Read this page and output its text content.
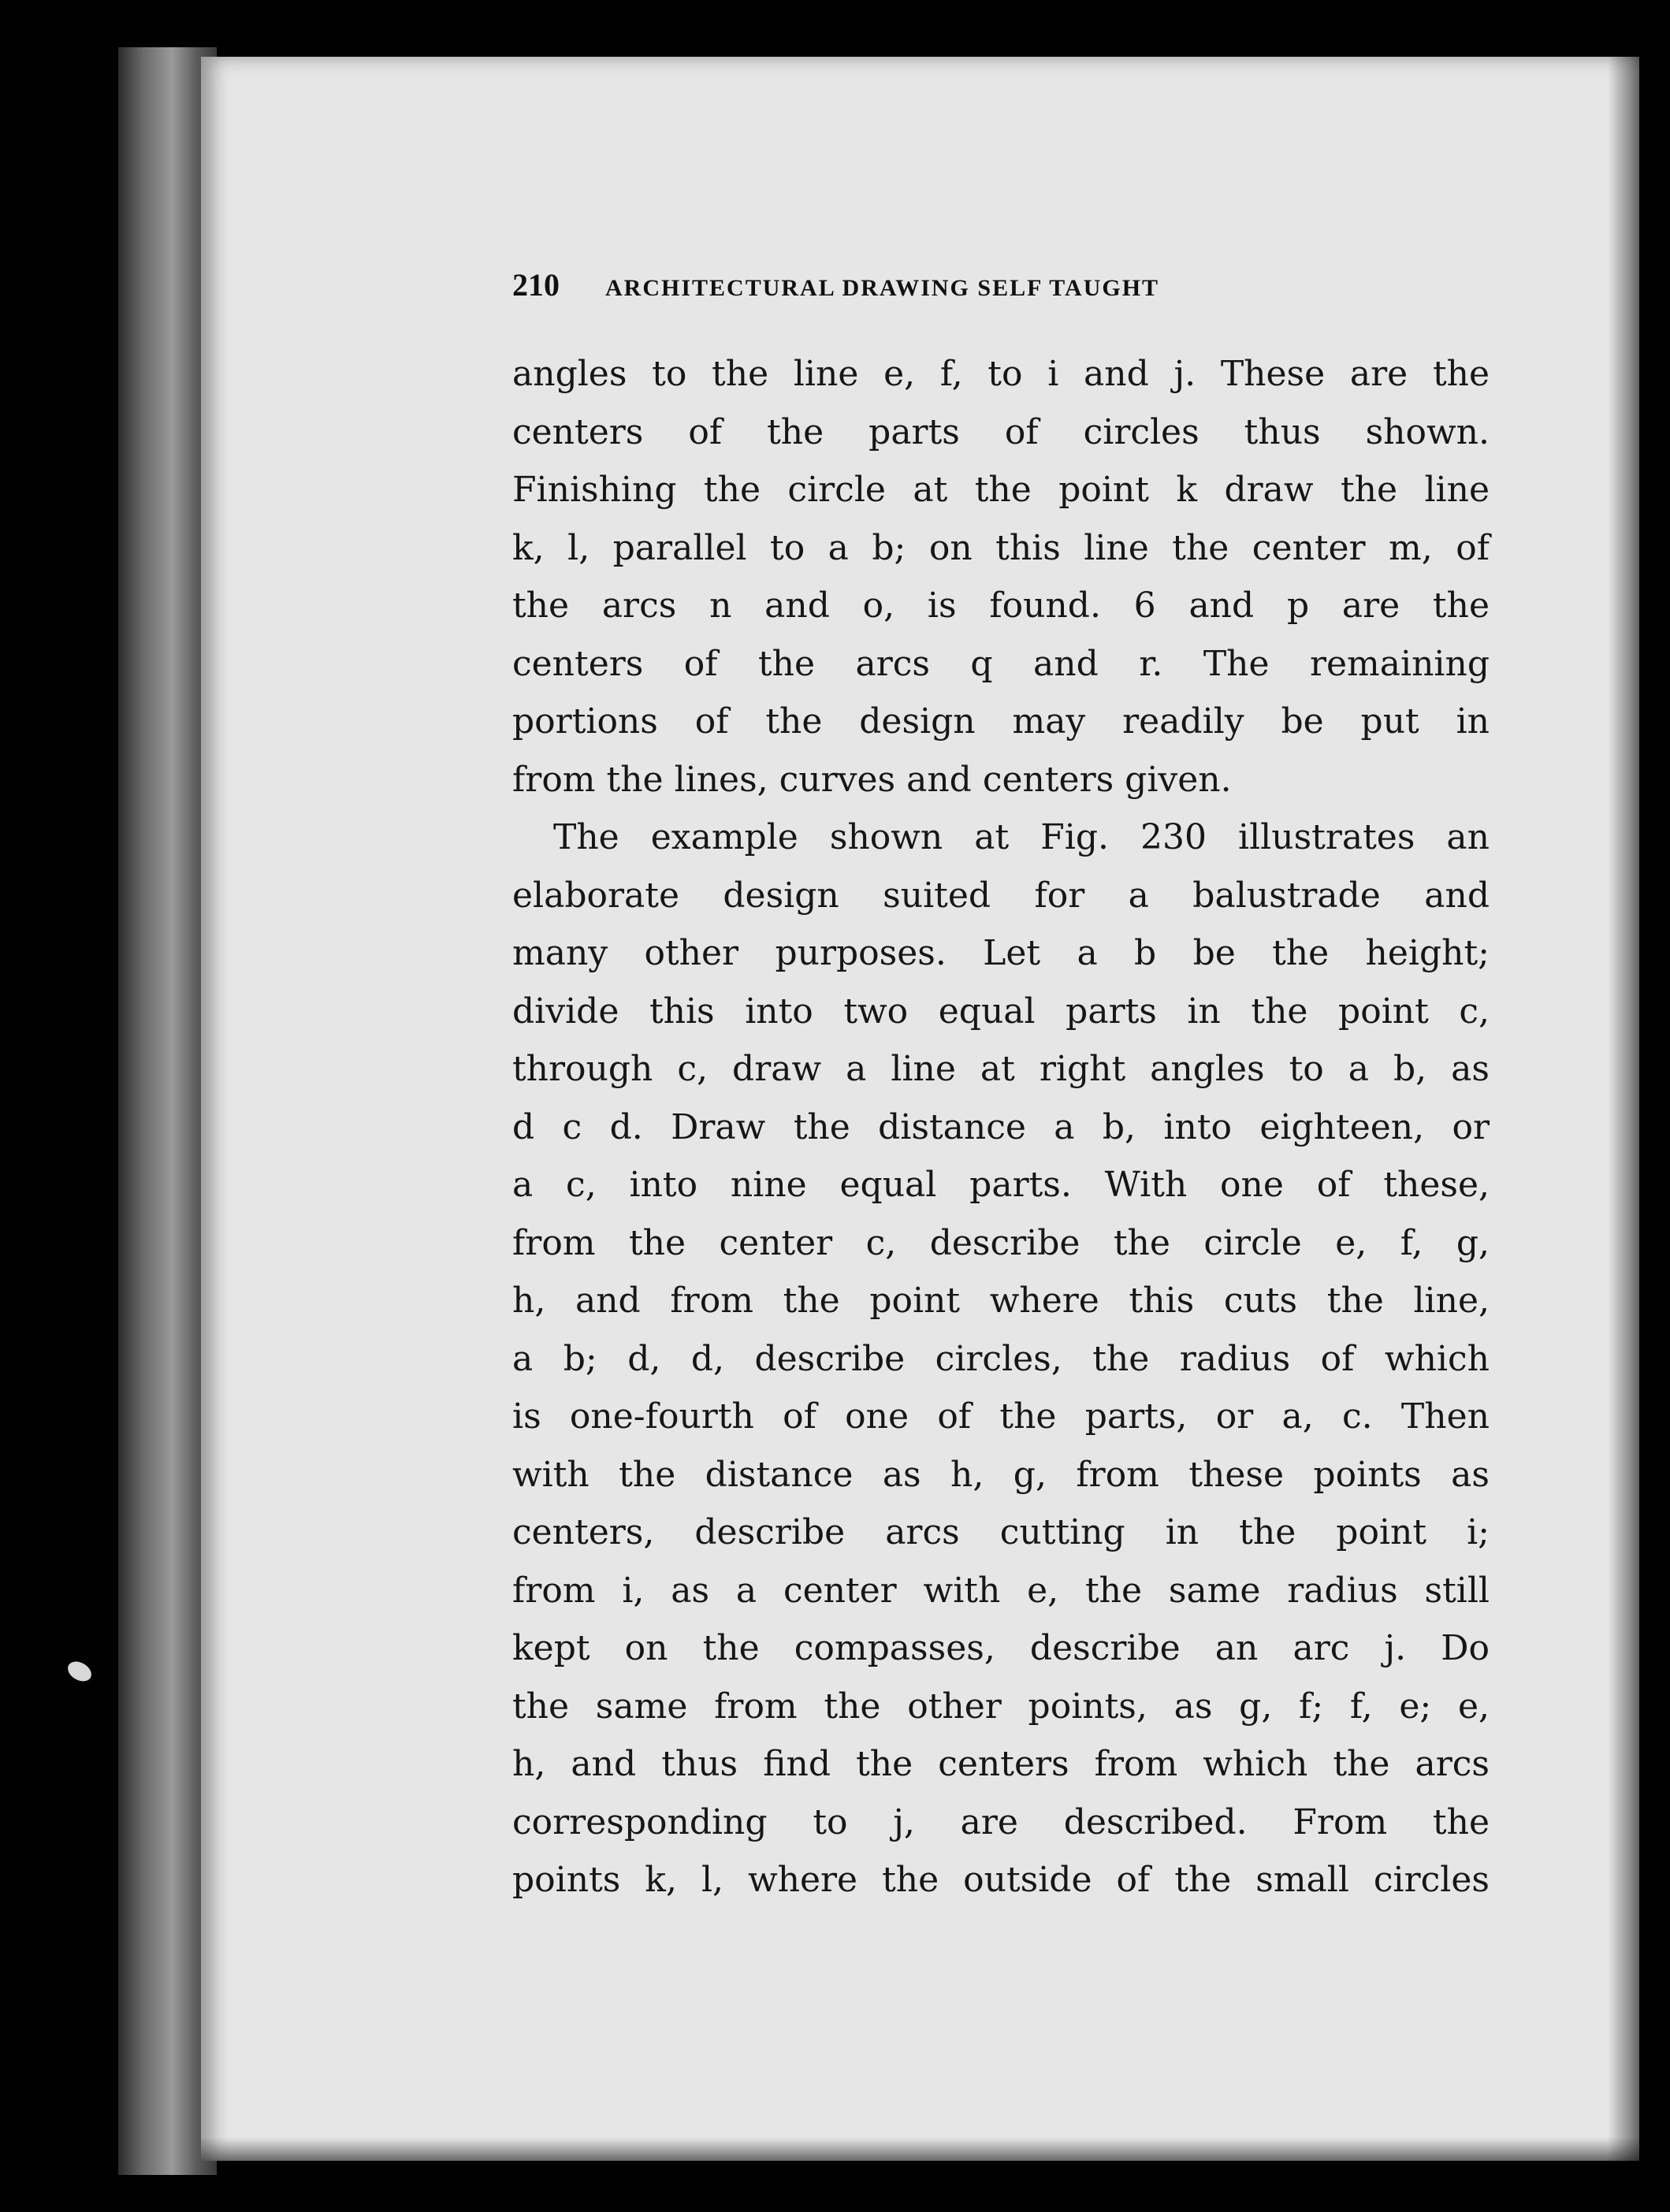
210 ARCHITECTURAL DRAWING SELF TAUGHT
angles to the line e, f, to i and j. These are the
centers of the parts of circles thus shown.
Finishing the circle at the point k draw the line
k, l, parallel to a b; on this line the center m, of
the arcs n and o, is found. 6 and p are the
centers of the arcs q and r. The remaining
portions of the design may readily be put in
from the lines, curves and centers given.
The example shown at Fig. 230 illustrates an
elaborate design suited for a balustrade and
many other purposes. Let a b be the height;
divide this into two equal parts in the point c,
through c, draw a line at right angles to a b, as
d c d. Draw the distance a b, into eighteen, or
a c, into nine equal parts. With one of these,
from the center c, describe the circle e, f, g,
h, and from the point where this cuts the line,
a b; d, d, describe circles, the radius of which
is one-fourth of one of the parts, or a, c. Then
with the distance as h, g, from these points as
centers, describe arcs cutting in the point i;
from i, as a center with e, the same radius still
kept on the compasses, describe an arc j. Do
the same from the other points, as g, f; f, e; e,
h, and thus find the centers from which the arcs
corresponding to j, are described. From the
points k, l, where the outside of the small circles
